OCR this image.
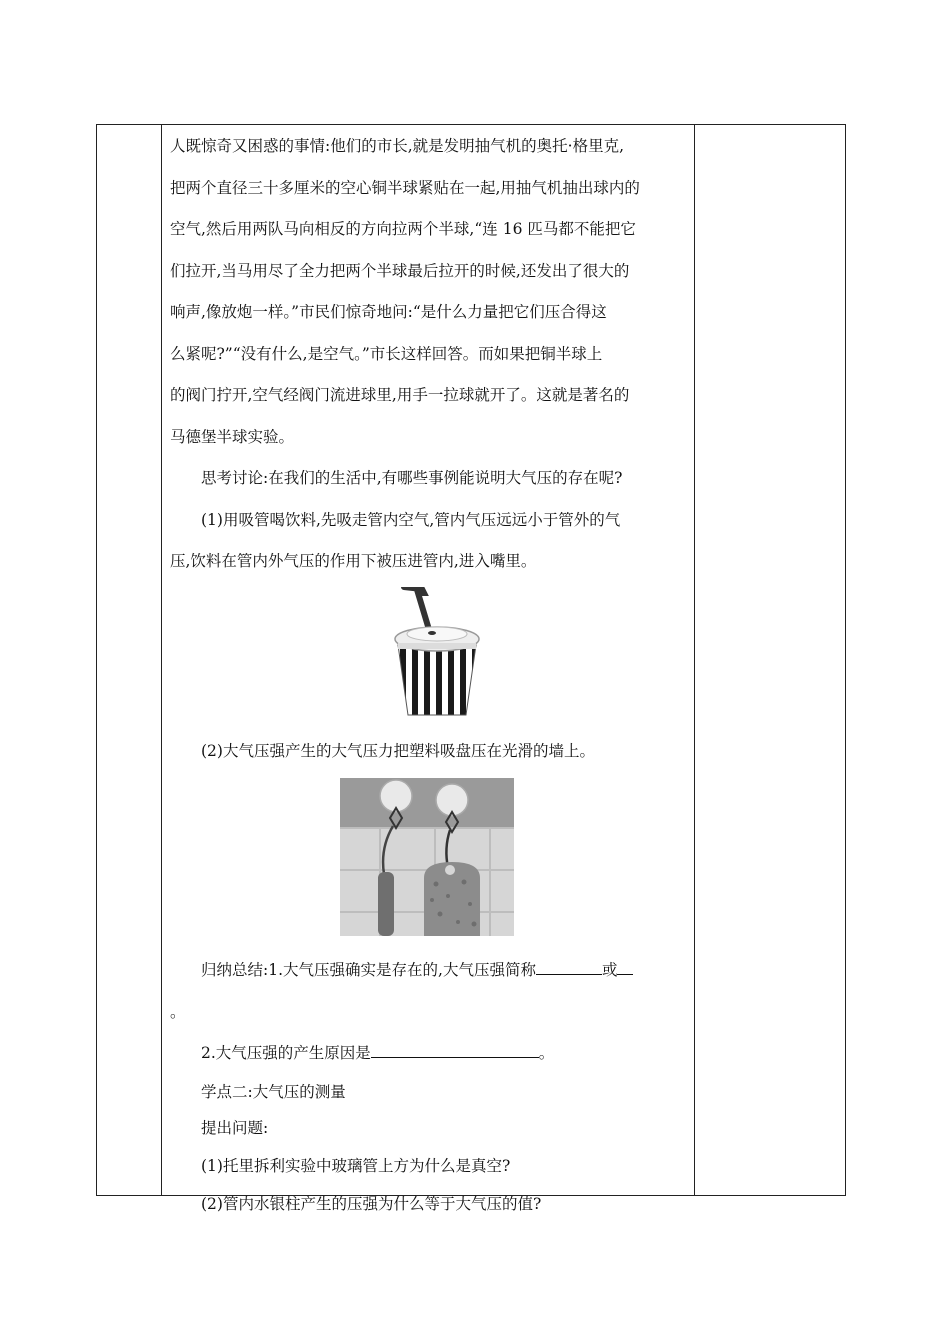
人既惊奇又困惑的事情:他们的市长,就是发明抽气机的奥托·格里克,

把两个直径三十多厘米的空心铜半球紧贴在一起,用抽气机抽出球内的

空气,然后用两队马向相反的方向拉两个半球,“连 16 匹马都不能把它

们拉开,当马用尽了全力把两个半球最后拉开的时候,还发出了很大的

响声,像放炮一样。”市民们惊奇地问:“是什么力量把它们压合得这

么紧呢?”“没有什么,是空气。”市长这样回答。而如果把铜半球上

的阀门拧开,空气经阀门流进球里,用手一拉球就开了。这就是著名的

马德堡半球实验。

思考讨论:在我们的生活中,有哪些事例能说明大气压的存在呢?

(1)用吸管喝饮料,先吸走管内空气,管内气压远远小于管外的气

压,饮料在管内外气压的作用下被压进管内,进入嘴里。

(2)大气压强产生的大气压力把塑料吸盘压在光滑的墙上。

归纳总结:1.大气压强确实是存在的,大气压强简称	或

。

2.大气压强的产生原因是	。

学点二:大气压的测量

提出问题:

(1)托里拆利实验中玻璃管上方为什么是真空?

(2)管内水银柱产生的压强为什么等于大气压的值?
